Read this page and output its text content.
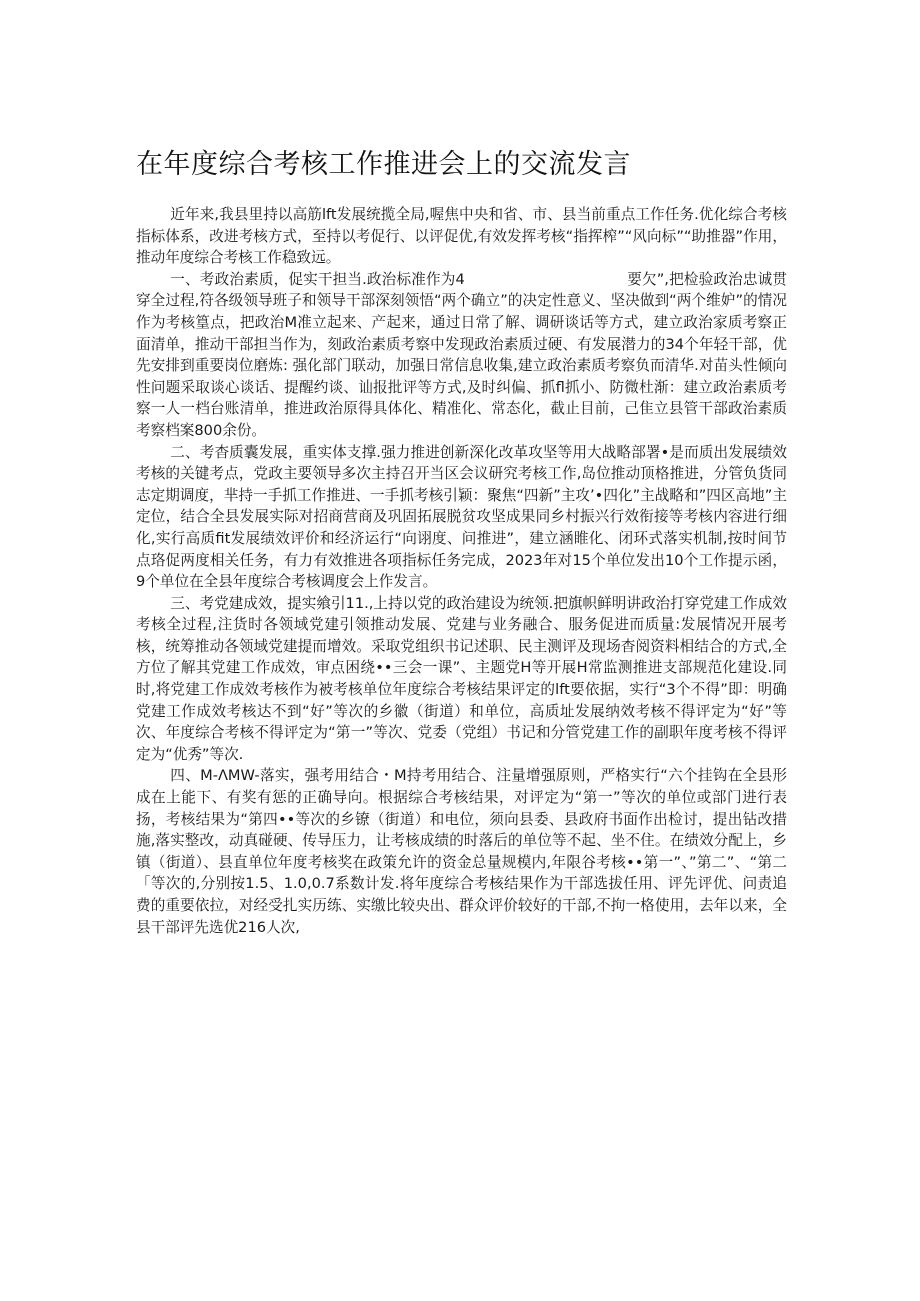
在年度综合考核工作推进会上的交流发言

近年来,我县里持以高筋lft发展统揽全局,喔焦中央和省、市、县当前重点工作任务.优化综合考核指标体系，改进考核方式，至持以考促行、以评促优,有效发挥考核“指挥榨”“风向标”“助推器”作用，推动年度综合考核工作稳致远。

一、考政治素质，促实干担当.政治标准作为4　　　　　　　　　　　要欠”,把检验政治忠诚贯穿全过程,符各级领导班子和领导干部深刻领悟“两个确立”的决定性意义、坚决做到“两个维妒”的情况作为考核篁点，把政治M准立起来、产起来，通过日常了解、调研谈话等方式，建立政治家质考察正面清单，推动干部担当作为，刻政治素质考察中发现政治素质过硬、有发展潜力的34个年轻干部，优先安排到重要岗位磨炼: 强化部门联动，加强日常信息收集,建立政治素质考察负而清华.对苗头性倾向性问题采取谈心谈话、提醒约谈、讪报批评等方式,及时纠偏、抓fl抓小、防微杜渐：建立政治素质考察一人一档台账清单，推进政治原得具体化、精准化、常态化，截止目前，己隹立县管干部政治素质考察档案800余份。

二、考杳质囊发展，重实体支撑.强力推进创新深化改革攻坚等用大战略部署•是而质出发展绩效考核的关键考点，党政主要领导多次主持召开当区会议研究考核工作,岛位推动顶格推进，分管负货同志定期调度，芈持一手抓工作推进、一手抓考核引颖：聚焦“四新”主攻’•四化”主战略和”四区高地”主定位，结合全县发展实际对招商营商及巩固拓展脱贫攻坚成果同乡村振兴行效衔接等考核内容进行细化,实行高质fit发展绩效评价和经济运行“向诩度、问推进”，建立涵睢化、闭环式落实机制,按时间节点珞促两度相关任务，有力有效推进各项指标任务完成，2023年对15个单位发出10个工作提示函，9个单位在全县年度综合考核调度会上作发言。

三、考党建成效，提实飨引11.,上持以党的政治建设为统领.把旗帜鲜明讲政治打穿党建工作成效考核全过程,注货时各领域党建引领推动发展、党建与业务融合、服务促进而质量:发展情况开展考核，统筹推动各领域党建提而增效。采取党组织书记述职、民主测评及现场杳阅资料相结合的方式,全方位了解其党建工作成效，审点困绕••三会一课”、主题党H等开展H常监测推进支部规范化建设.同时,将党建工作成效考核作为被考核单位年度综合考核结果评定的lft要依据，实行“3个不得”即：明确党建工作成效考核达不到“好”等次的乡徽（街道）和单位，高质址发展纳效考核不得评定为“好”等次、年度综合考核不得评定为“第一”等次、党委（党组）书记和分管党建工作的副职年度考核不得评定为“优秀”等次.

四、M-ΛMW-落实，强考用结合・M持考用结合、注量增强原则，严格实行“六个挂钩在全县形成在上能下、有奖有惩的正确导向。根据综合考核结果，对评定为“第一”等次的单位或部门进行表扬，考核结果为“第四••等次的乡镣（街道）和电位，须向县委、县政府书面作出检讨，提出钻改措施,落实整改，动真碰硬、传导压力，让考核成绩的时落后的单位等不起、坐不住。在绩效分配上，乡镇（街道）、县直单位年度考核奖在政策允许的资金总量规模内,年限谷考核••第一”、”第二”、“第二「等次的,分别按1.5、1.0,0.7系数计发.将年度综合考核结果作为干部选拔任用、评先评优、问责追费的重要依拉，对经受扎实历练、实缴比较央出、群众评价较好的干部,不拘一格使用，去年以来，全县干部评先选优216人次,
